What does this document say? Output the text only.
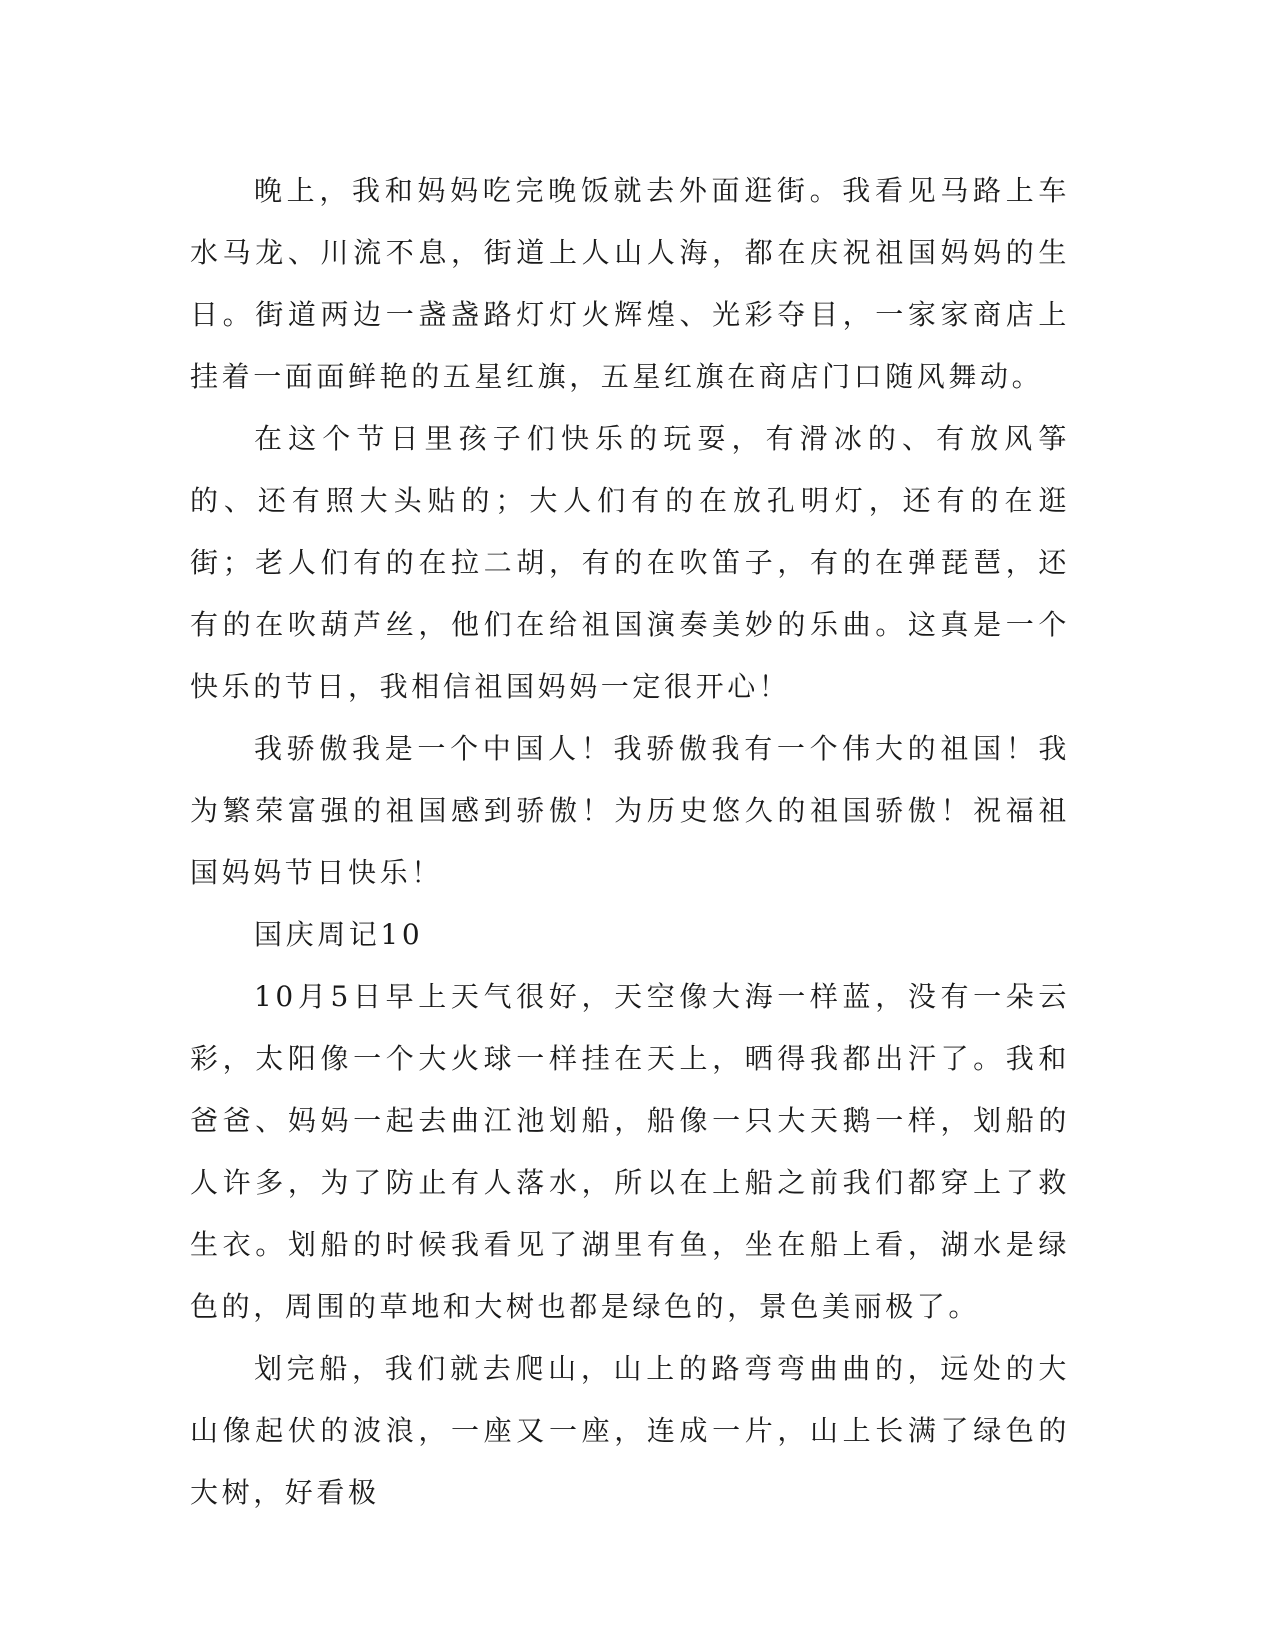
晚上，我和妈妈吃完晚饭就去外面逛街。我看见马路上车水马龙、川流不息，街道上人山人海，都在庆祝祖国妈妈的生日。街道两边一盏盏路灯灯火辉煌、光彩夺目，一家家商店上挂着一面面鲜艳的五星红旗，五星红旗在商店门口随风舞动。

在这个节日里孩子们快乐的玩耍，有滑冰的、有放风筝的、还有照大头贴的；大人们有的在放孔明灯，还有的在逛街；老人们有的在拉二胡，有的在吹笛子，有的在弹琵琶，还有的在吹葫芦丝，他们在给祖国演奏美妙的乐曲。这真是一个快乐的节日，我相信祖国妈妈一定很开心！

我骄傲我是一个中国人！我骄傲我有一个伟大的祖国！我为繁荣富强的祖国感到骄傲！为历史悠久的祖国骄傲！祝福祖国妈妈节日快乐！

国庆周记10

10月5日早上天气很好，天空像大海一样蓝，没有一朵云彩，太阳像一个大火球一样挂在天上，晒得我都出汗了。我和爸爸、妈妈一起去曲江池划船，船像一只大天鹅一样，划船的人许多，为了防止有人落水，所以在上船之前我们都穿上了救生衣。划船的时候我看见了湖里有鱼，坐在船上看，湖水是绿色的，周围的草地和大树也都是绿色的，景色美丽极了。

划完船，我们就去爬山，山上的路弯弯曲曲的，远处的大山像起伏的波浪，一座又一座，连成一片，山上长满了绿色的大树，好看极
